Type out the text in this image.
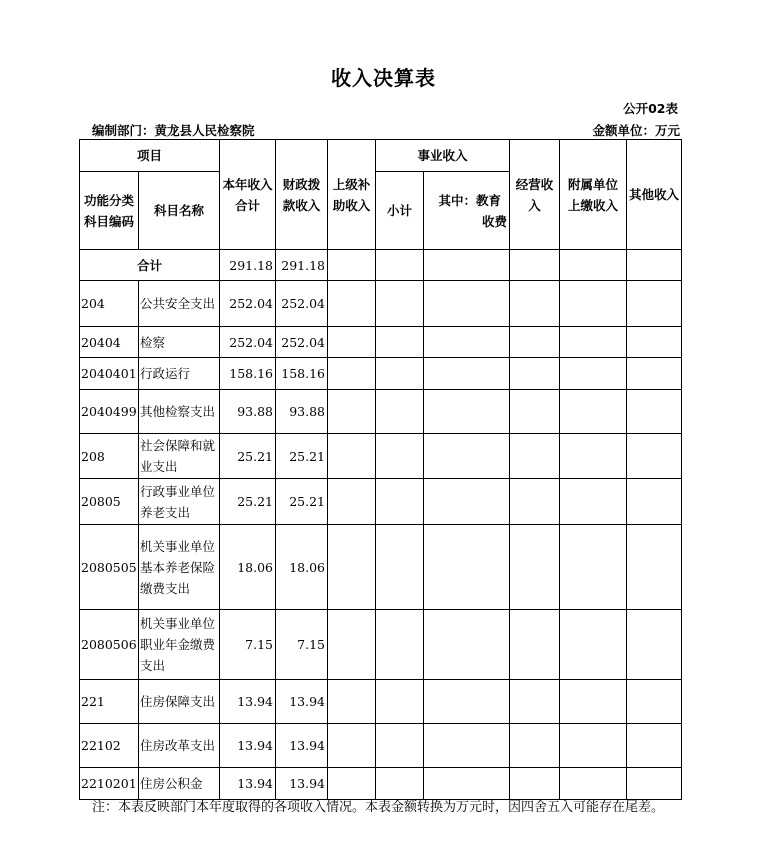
收入决算表
公开02表
编制部门：黄龙县人民检察院	金额单位：万元
项目		本年收入合计	财政拨款收入	上级补助收入	事业收入		经营收入	附属单位上缴收入	其他收入
功能分类科目编码	科目名称				小计	其中：教育
收费			

合计		291.18	291.18						
204	公共安全支出	252.04	252.04						
20404	检察	252.04	252.04						
2040401	行政运行	158.16	158.16						
2040499	其他检察支出	93.88	93.88						
208	社会保障和就业支出	25.21	25.21						
20805	行政事业单位养老支出	25.21	25.21						
2080505	机关事业单位基本养老保险缴费支出	18.06	18.06						
2080506	机关事业单位职业年金缴费支出	7.15	7.15						
221	住房保障支出	13.94	13.94						
22102	住房改革支出	13.94	13.94						
2210201	住房公积金	13.94	13.94						
注：本表反映部门本年度取得的各项收入情况。本表金额转换为万元时，因四舍五入可能存在尾差。
